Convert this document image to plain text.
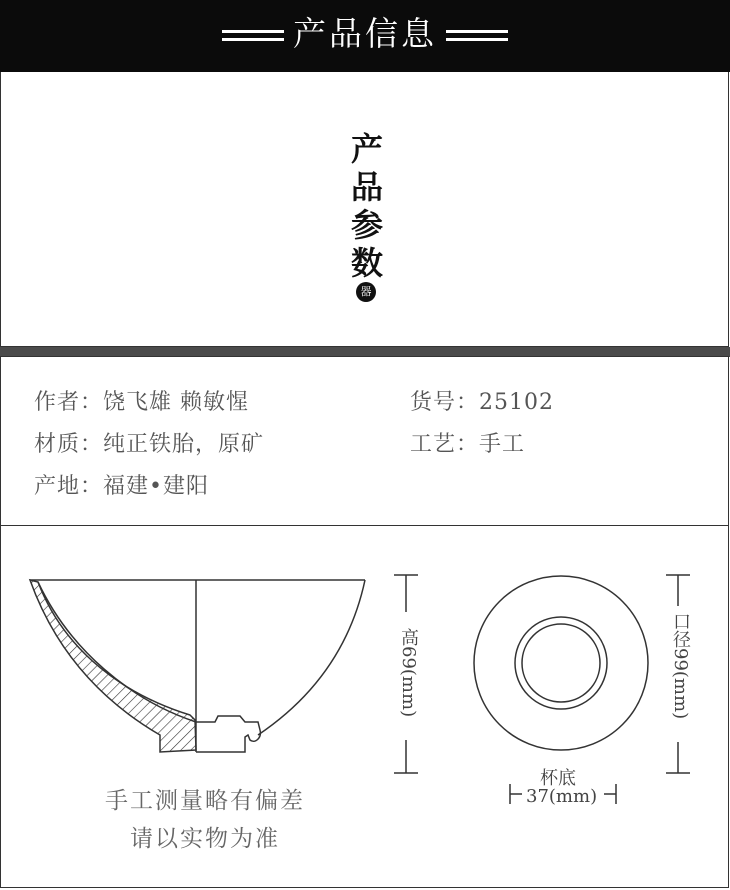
产品信息
产
品
参
数
器
作者：饶飞雄 赖敏惺	货号：25102
材质：纯正铁胎，原矿	工艺：手工
产地：福建•建阳
高69(mm)	口径99(mm)
杯底
37(mm)
手工测量略有偏差
请以实物为准
